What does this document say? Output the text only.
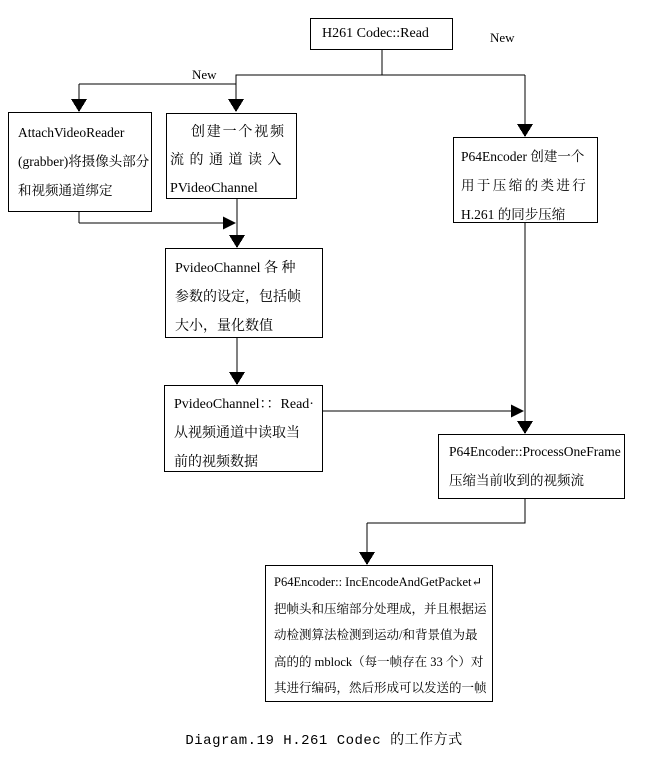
H261 Codec::Read
New
New
AttachVideoReader
(grabber)将摄像头部分
和视频通道绑定
创建一个视频
流的通道读入
PVideoChannel
P64Encoder 创建一个
用于压缩的类进行
H.261 的同步压缩
PvideoChannel 各 种
参数的设定，包括帧
大小，量化数值
PvideoChannel：：Read·
从视频通道中读取当
前的视频数据
P64Encoder::ProcessOneFrame
压缩当前收到的视频流
P64Encoder:: IncEncodeAndGetPacket↵
把帧头和压缩部分处理成，并且根据运
动检测算法检测到运动/和背景值为最
高的的 mblock（每一帧存在 33 个）对
其进行编码，然后形成可以发送的一帧
Diagram.19 H.261 Codec 的工作方式
